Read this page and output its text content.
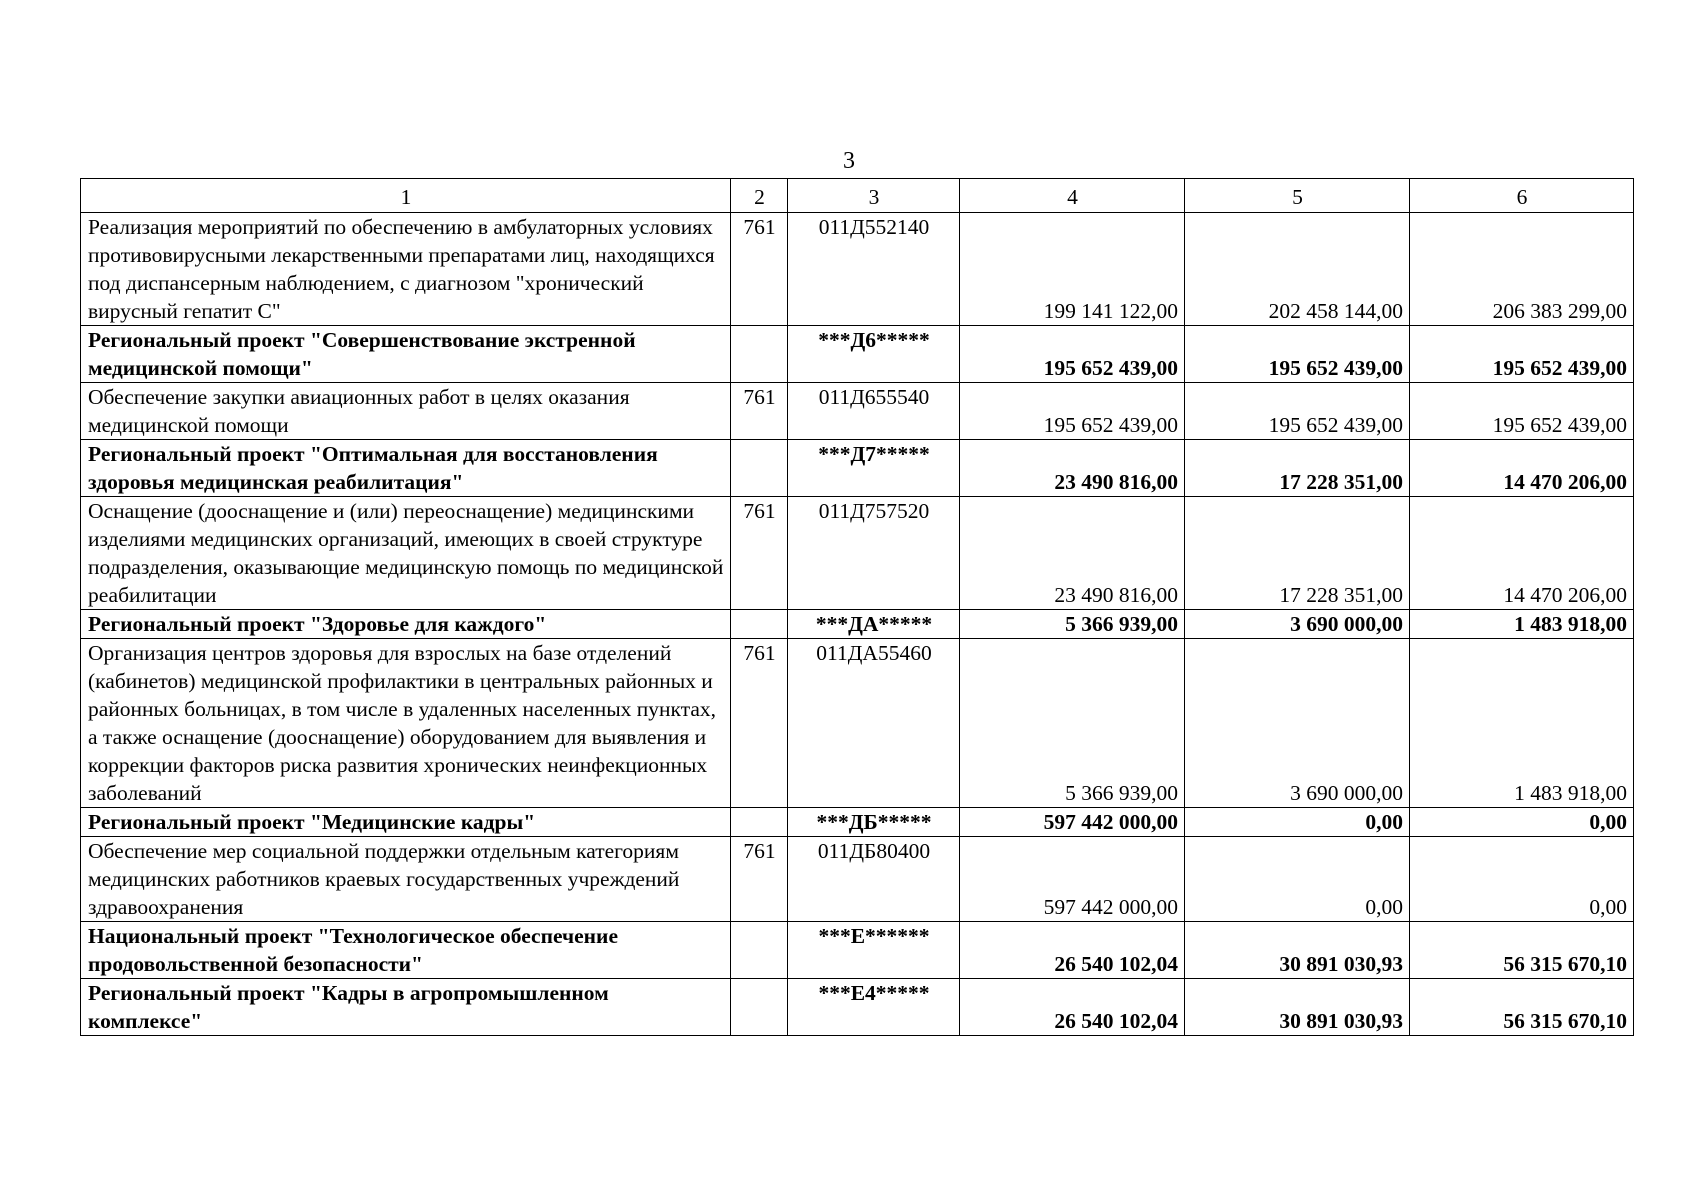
3
1	2	3	4	5	6
Реализация мероприятий по обеспечению в амбулаторных условиях противовирусными лекарственными препаратами лиц, находящихся под диспансерным наблюдением, с диагнозом "хронический вирусный гепатит С"	761	011Д552140	199 141 122,00	202 458 144,00	206 383 299,00
Региональный проект "Совершенствование экстренной медицинской помощи"		***Д6*****	195 652 439,00	195 652 439,00	195 652 439,00
Обеспечение закупки авиационных работ в целях оказания медицинской помощи	761	011Д655540	195 652 439,00	195 652 439,00	195 652 439,00
Региональный проект "Оптимальная для восстановления здоровья медицинская реабилитация"		***Д7*****	23 490 816,00	17 228 351,00	14 470 206,00
Оснащение (дооснащение и (или) переоснащение) медицинскими изделиями медицинских организаций, имеющих в своей структуре подразделения, оказывающие медицинскую помощь по медицинской реабилитации	761	011Д757520	23 490 816,00	17 228 351,00	14 470 206,00
Региональный проект "Здоровье для каждого"		***ДА*****	5 366 939,00	3 690 000,00	1 483 918,00
Организация центров здоровья для взрослых на базе отделений (кабинетов) медицинской профилактики в центральных районных и районных больницах, в том числе в удаленных населенных пунктах, а также оснащение (дооснащение) оборудованием для выявления и коррекции факторов риска развития хронических неинфекционных заболеваний	761	011ДА55460	5 366 939,00	3 690 000,00	1 483 918,00
Региональный проект "Медицинские кадры"		***ДБ*****	597 442 000,00	0,00	0,00
Обеспечение мер социальной поддержки отдельным категориям медицинских работников краевых государственных учреждений здравоохранения	761	011ДБ80400	597 442 000,00	0,00	0,00
Национальный проект "Технологическое обеспечение продовольственной безопасности"		***Е******	26 540 102,04	30 891 030,93	56 315 670,10
Региональный проект "Кадры в агропромышленном комплексе"		***Е4*****	26 540 102,04	30 891 030,93	56 315 670,10
